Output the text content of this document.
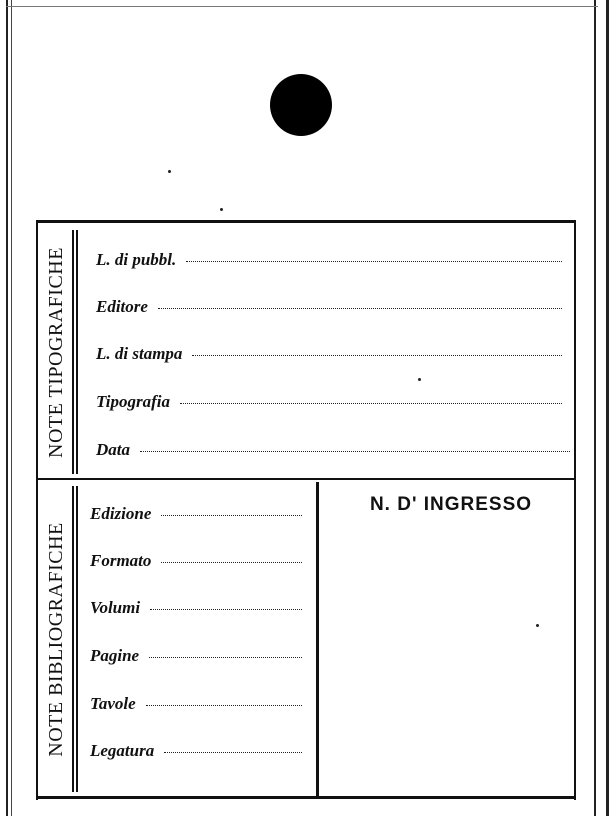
NOTE TIPOGRAFICHE L. di pubbl.
Editore
L. di stampa
Tipografia
Data
NOTE BIBLIOGRAFICHE
Edizione
Formato
Volumi
Pagine
Tavole
Legatura
N. D' INGRESSO
